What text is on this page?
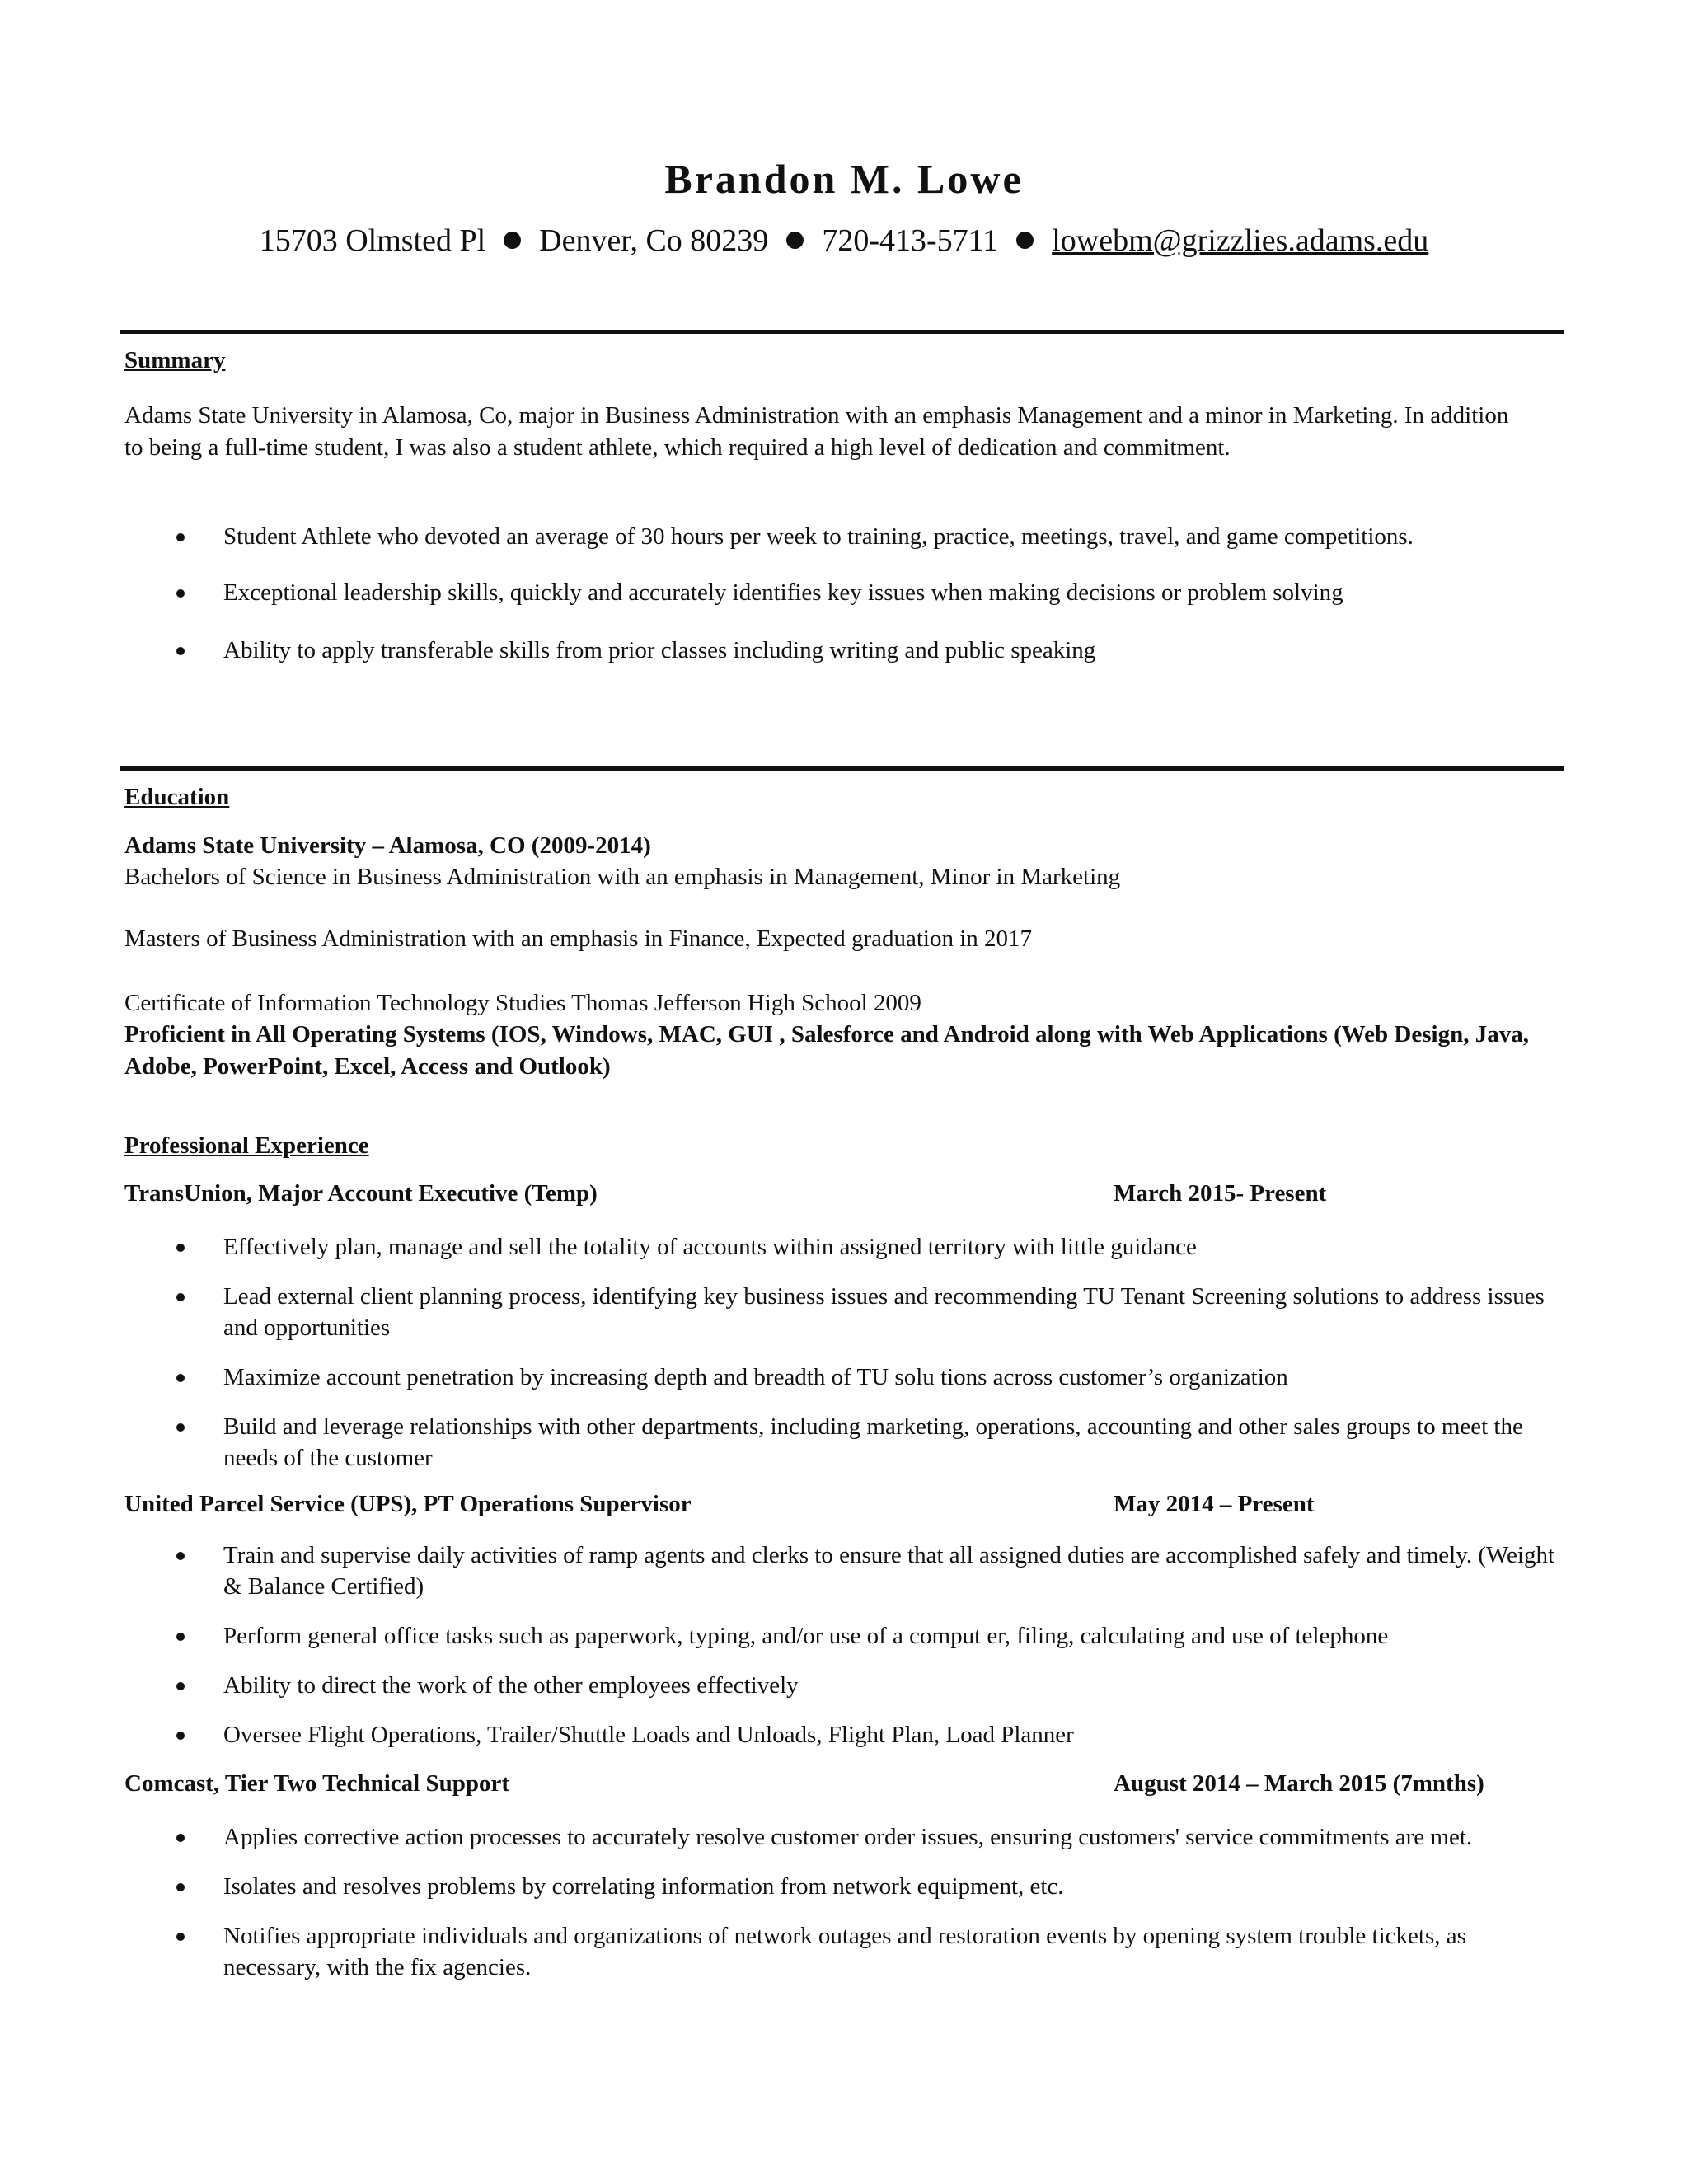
Brandon M. Lowe
15703 Olmsted Pl Denver, Co 80239 720-413-5711 lowebm@grizzlies.adams.edu
Summary
Adams State University in Alamosa, Co, major in Business Administration with an emphasis Management and a minor in Marketing. In addition to being a full-time student, I was also a student athlete, which required a high level of dedication and commitment.
Student Athlete who devoted an average of 30 hours per week to training, practice, meetings, travel, and game competitions.
Exceptional leadership skills, quickly and accurately identifies key issues when making decisions or problem solving
Ability to apply transferable skills from prior classes including writing and public speaking
Education
Adams State University – Alamosa, CO (2009-2014)
Bachelors of Science in Business Administration with an emphasis in Management, Minor in Marketing
Masters of Business Administration with an emphasis in Finance, Expected graduation in 2017
Certificate of Information Technology Studies Thomas Jefferson High School 2009
Proficient in All Operating Systems (IOS, Windows, MAC, GUI , Salesforce and Android along with Web Applications (Web Design, Java, Adobe, PowerPoint, Excel, Access and Outlook)
Professional Experience
TransUnion, Major Account Executive (Temp)	March 2015- Present
Effectively plan, manage and sell the totality of accounts within assigned territory with little guidance
Lead external client planning process, identifying key business issues and recommending TU Tenant Screening solutions to address issues and opportunities
Maximize account penetration by increasing depth and breadth of TU solu tions across customer’s organization
Build and leverage relationships with other departments, including marketing, operations, accounting and other sales groups to meet the needs of the customer
United Parcel Service (UPS), PT Operations Supervisor	May 2014 – Present
Train and supervise daily activities of ramp agents and clerks to ensure that all assigned duties are accomplished safely and timely. (Weight & Balance Certified)
Perform general office tasks such as paperwork, typing, and/or use of a comput er, filing, calculating and use of telephone
Ability to direct the work of the other employees effectively
Oversee Flight Operations, Trailer/Shuttle Loads and Unloads, Flight Plan, Load Planner
Comcast, Tier Two Technical Support	August 2014 – March 2015 (7mnths)
Applies corrective action processes to accurately resolve customer order issues, ensuring customers' service commitments are met.
Isolates and resolves problems by correlating information from network equipment, etc.
Notifies appropriate individuals and organizations of network outages and restoration events by opening system trouble tickets, as necessary, with the fix agencies.
